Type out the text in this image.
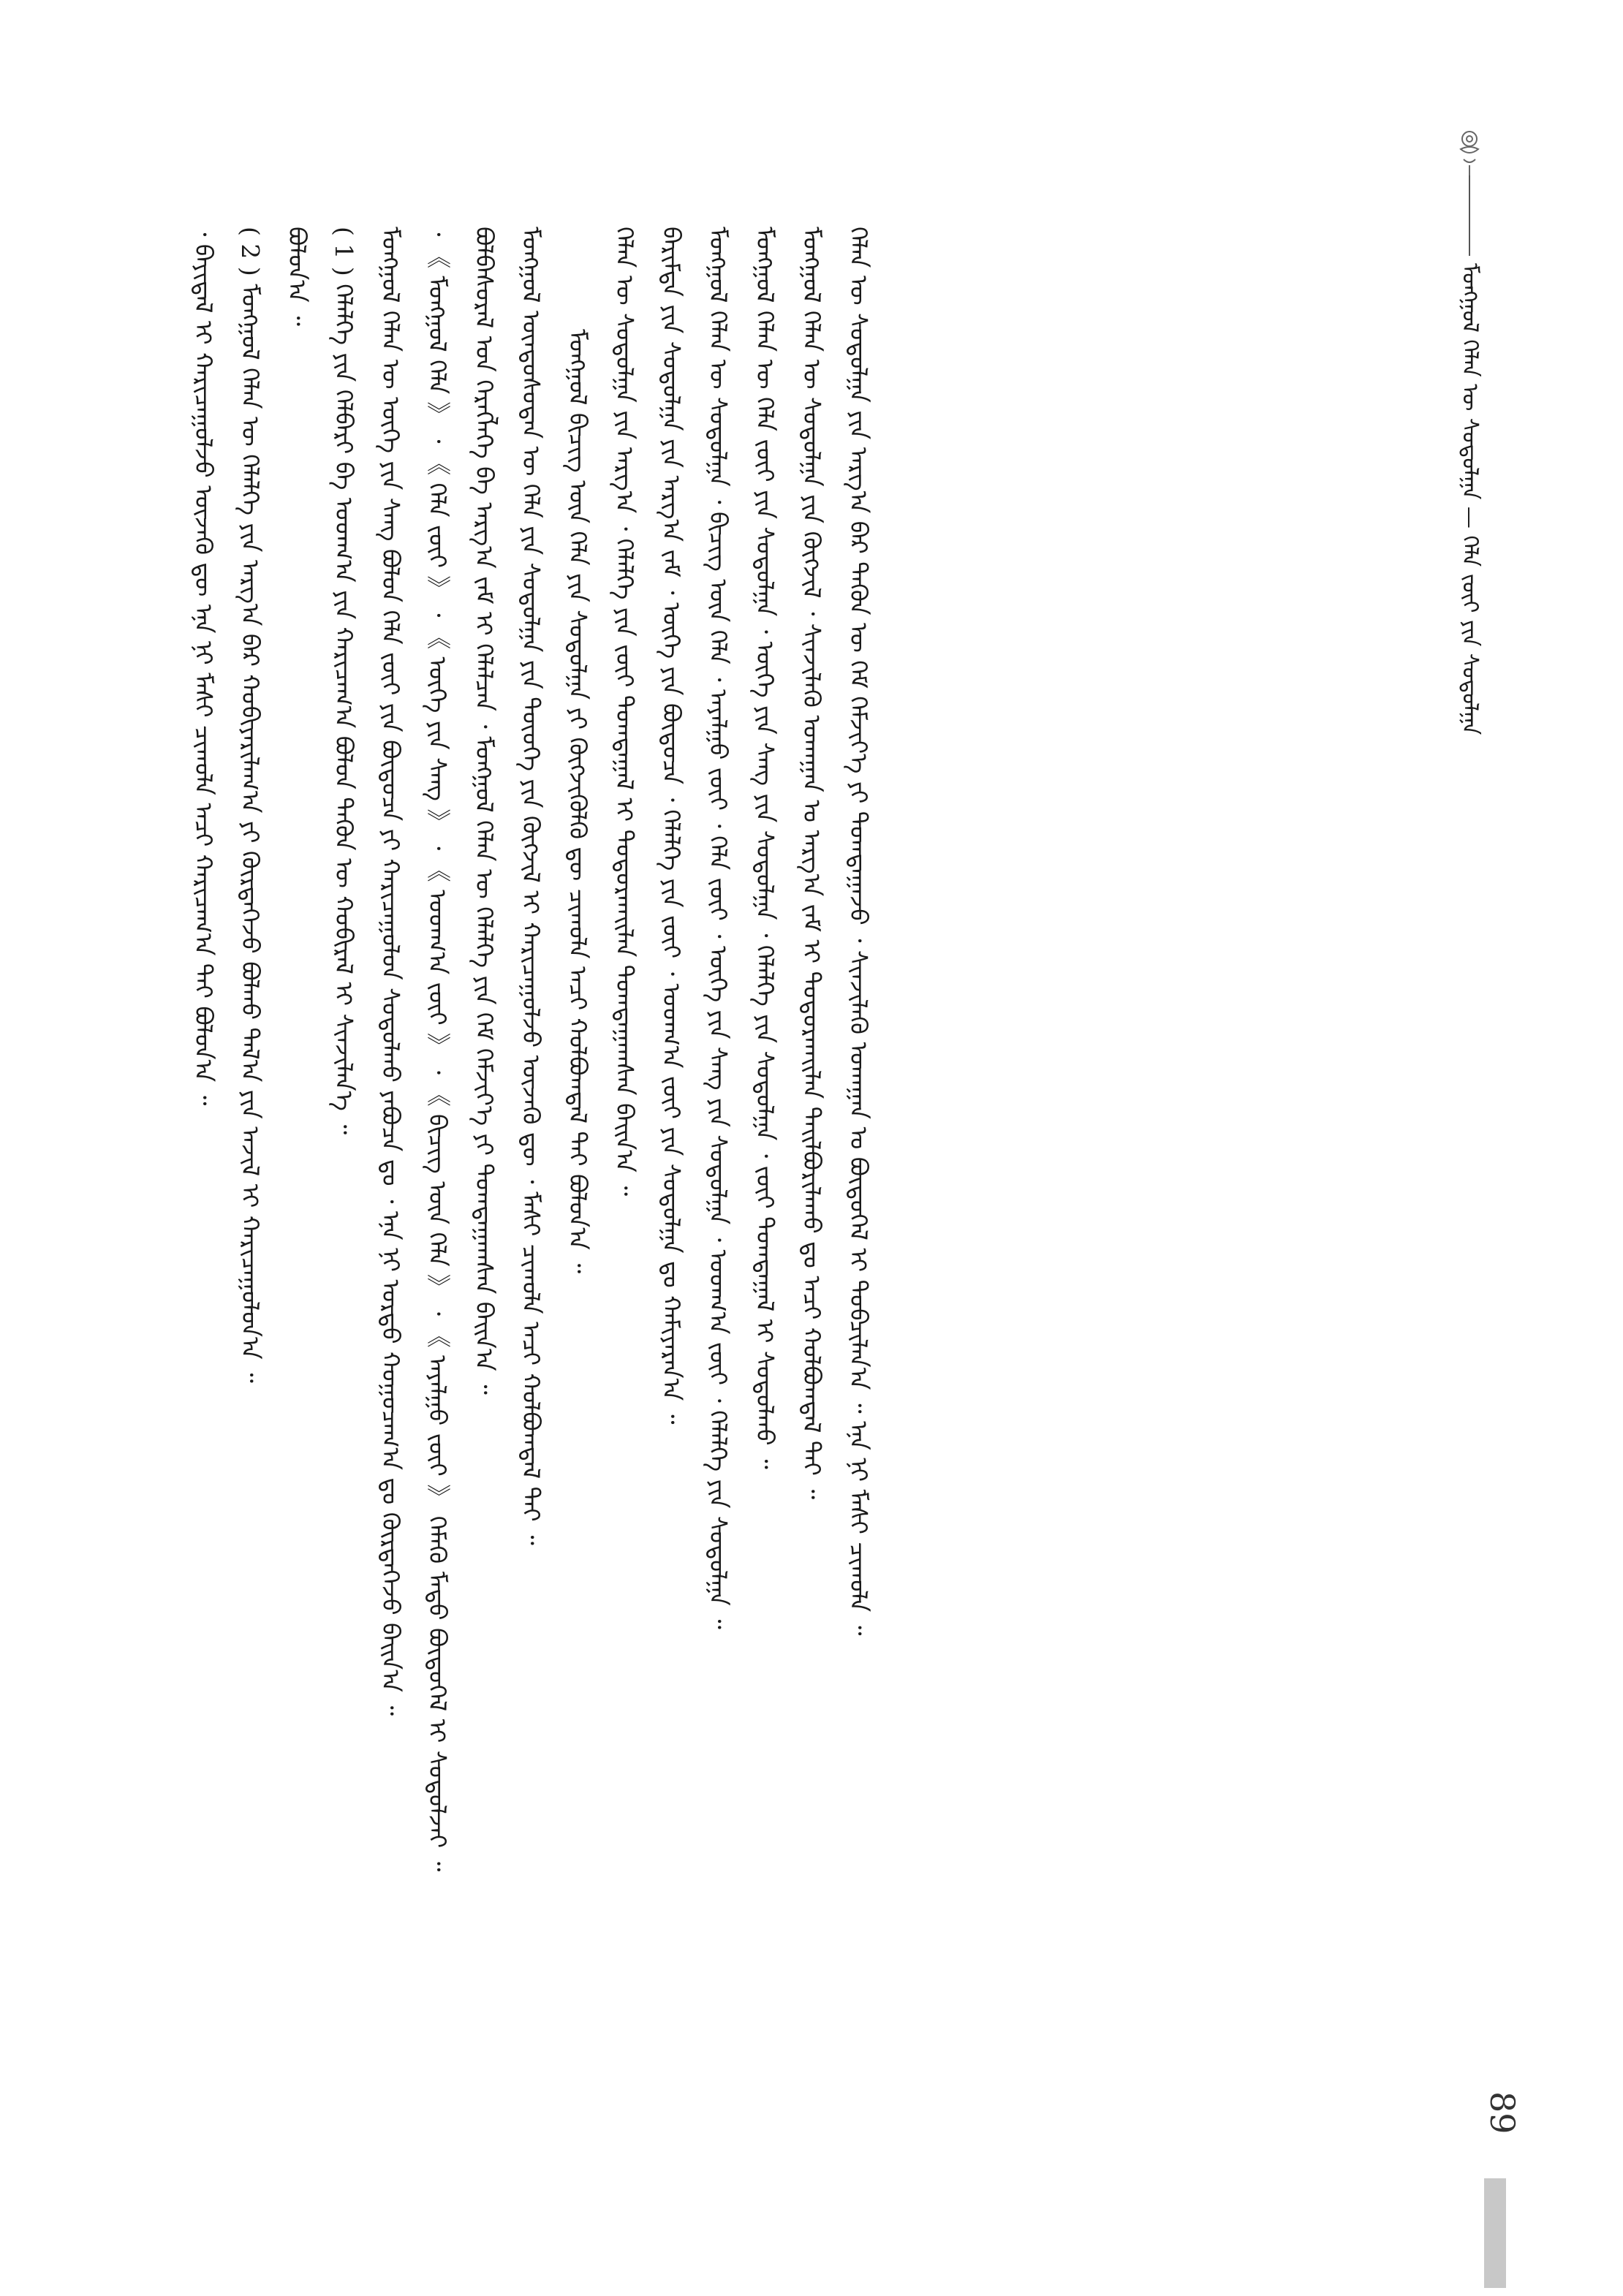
ᠮᠣᠩᠭᠣᠯ ᠬᠡᠯᠡᠨ ᠦ ᠰᠤᠳᠤᠯᠭᠠ — ᠬᠡᠯᠡ ᠵᠦᠢ ᠶᠢᠨ ᠰᠤᠳᠤᠯᠭᠠ
᠂ ᠪᠠᠶᠢᠳᠠᠯ ᠢ ᠬᠠᠷᠢᠴᠠᠭᠤᠯᠵᠤ ᠦᠵᠡᠬᠦ ᠳᠦ ᠡᠨᠡ ᠨᠢ ᠮᠠᠰᠢ ᠴᠢᠬᠤᠯᠠ ᠠᠴᠢ ᠬᠠᠷᠢᠴᠠᠭ᠎ᠠ ᠲᠠᠢ ᠪᠣᠯᠤᠨ᠎ᠠ ᠃ ( 2 ) ᠮᠣᠩᠭᠣᠯ ᠬᠡᠯᠡᠨ ᠦ ᠬᠡᠯᠡᠯᠭᠡ ᠶᠢᠨ ᠠᠷᠭ᠎ᠠ ᠪᠠᠷ ᠬᠤᠪᠢᠶᠠᠷᠢᠯᠠᠭ᠎ᠠ ᠶᠢ ᠬᠦᠷᠲᠡᠭᠡᠵᠦ ᠪᠣᠯᠬᠤ ᠲᠠᠯ᠎ᠠ ᠶᠢᠨ ᠠᠵᠢᠯ ᠢ ᠬᠠᠷᠢᠴᠠᠭᠤᠯᠤᠨ᠎ᠠ ᠃ ᠪᠣᠯᠤᠨ᠎ᠠ ᠃ ( 1 ) ᠬᠡᠯᠡᠯᠭᠡ ᠶᠢᠨ ᠬᠡᠯᠪᠡᠷᠢ ᠪᠠ ᠤᠳᠬ᠎ᠠ ᠶᠢᠨ ᠬᠠᠷᠢᠴᠠᠭ᠎ᠠ ᠪᠣᠯᠤᠨ ᠲᠡᠭᠦᠨ ᠦ ᠬᠤᠪᠢᠷᠠᠯ ᠢ ᠰᠢᠨᠵᠢᠯᠡᠨ᠎ᠡ ᠃ ᠮᠣᠩᠭᠣᠯ ᠬᠡᠯᠡᠨ ᠦ ᠦᠭᠡ ᠶᠢᠨ ᠰᠠᠩ ᠪᠣᠯᠤᠨ ᠬᠡᠯᠡ ᠵᠦᠢ ᠶᠢᠨ ᠪᠦᠲᠦᠴᠡ ᠶᠢ ᠬᠠᠷᠢᠴᠠᠭᠤᠯᠤᠨ ᠰᠤᠳᠤᠯᠬᠤ ᠶᠠᠪᠤᠴᠠ ᠳᠤ ᠂ ᠡᠨᠡ ᠨᠢ ᠤᠷᠲᠤ ᠬᠤᠭᠤᠴᠠᠭ᠎ᠠ ᠳᠤ ᠬᠦᠷᠲᠡᠭᠡᠵᠦ ᠪᠠᠢᠨ᠎ᠠ ᠃ ᠂ 《 ᠮᠣᠩᠭᠣᠯ ᠬᠡᠯᠡ 》 ᠂ 《 ᠬᠡᠯᠡ ᠵᠦᠢ 》 ᠂ 《 ᠦᠭᠡ ᠶᠢᠨ ᠰᠠᠩ 》 ᠂ 《 ᠤᠳᠬ᠎ᠠ ᠵᠦᠢ 》 ᠂ 《 ᠪᠢᠴᠢᠭ ᠦᠨ ᠬᠡᠯᠡ 》 ᠂ 《 ᠠᠶᠠᠯᠭᠤ ᠵᠦᠢ 》 ᠬᠡᠮᠡᠬᠦ ᠮᠡᠲᠦ ᠪᠦᠲᠦᠭᠡᠯ ᠢ ᠰᠤᠳᠤᠯᠵᠠᠢ ᠃ ᠪᠣᠯᠪᠠᠰᠤᠷᠠᠯ ᠤᠨ ᠬᠡᠷᠡᠭᠯᠡᠭᠡ ᠪᠠ ᠠᠷᠭ᠎ᠠ ᠵᠠᠮ ᠢ ᠬᠡᠯᠡᠯᠴᠡᠨ ᠂ ᠮᠣᠩᠭᠣᠯ ᠬᠡᠯᠡᠨ ᠦ ᠬᠡᠯᠡᠯᠭᠡ ᠶᠢᠨ ᠬᠡᠮ ᠬᠡᠮᠵᠢᠶ᠎ᠡ ᠶᠢ ᠲᠣᠭᠲᠠᠭᠠᠭᠰᠠᠨ ᠪᠠᠢᠨ᠎ᠠ ᠃ ᠮᠣᠩᠭᠣᠯ ᠦᠨᠳᠦᠰᠦᠲᠡᠨ ᠦ ᠬᠡᠯᠡ ᠶᠢᠨ ᠰᠤᠳᠤᠯᠭᠠ ᠶᠢᠨ ᠲᠦᠦᠬᠡ ᠶᠢᠨ ᠬᠥᠭᠵᠢᠯ ᠢ ᠬᠠᠷᠢᠴᠠᠭᠤᠯᠵᠤ ᠦᠵᠡᠬᠦ ᠳᠦ ᠂ ᠮᠠᠰᠢ ᠴᠢᠬᠤᠯᠠ ᠠᠴᠢ ᠬᠤᠯᠪᠤᠭᠳᠠᠯ ᠲᠠᠢ ᠃ ᠮᠣᠩᠭᠣᠯ ᠪᠢᠴᠢᠭ ᠦᠨ ᠬᠡᠯᠡ ᠶᠢᠨ ᠰᠤᠳᠤᠯᠭᠠ ᠶᠢ ᠬᠥᠭᠵᠢᠭᠦᠯᠬᠦ ᠳᠦ ᠴᠢᠬᠤᠯᠠ ᠠᠴᠢ ᠬᠣᠯᠪᠣᠭᠳᠠᠯ ᠲᠠᠢ ᠪᠣᠯᠤᠨ᠎ᠠ ᠃ ᠬᠡᠯᠡᠨ ᠦ ᠰᠤᠳᠤᠯᠭᠠ ᠶᠢᠨ ᠠᠷᠭ᠎ᠠ ᠂ ᠬᠡᠯᠡᠯᠭᠡ ᠶᠢᠨ ᠵᠦᠢ ᠲᠣᠭᠲᠠᠭᠠᠯ ᠢ ᠲᠣᠳᠤᠷᠬᠠᠢᠯᠠᠨ ᠲᠣᠭᠲᠠᠭᠠᠭᠰᠠᠨ ᠪᠠᠢᠨ᠎ᠠ ᠃ ᠪᠠᠷᠢᠮᠲᠠ ᠶᠢᠨ ᠰᠤᠳᠤᠯᠭᠠ ᠶᠢᠨ ᠠᠷᠭ᠎ᠠ ᠵᠠᠮ ᠂ ᠦᠭᠡ ᠶᠢᠨ ᠪᠦᠲᠦᠴᠡ ᠂ ᠬᠡᠯᠡᠯᠭᠡ ᠶᠢᠨ ᠵᠦᠢ ᠂ ᠤᠳᠬ᠎ᠠ ᠵᠦᠢ ᠶᠢᠨ ᠰᠤᠳᠤᠯᠭᠠ ᠳᠤ ᠬᠠᠮᠢᠶᠠᠷᠠᠨ᠎ᠠ ᠃ ᠮᠣᠩᠭᠣᠯ ᠬᠡᠯᠡᠨ ᠦ ᠰᠤᠳᠤᠯᠭᠠ ᠂ ᠪᠢᠴᠢᠭ ᠦᠨ ᠬᠡᠯᠡ ᠂ ᠠᠶᠠᠯᠭᠤ ᠵᠦᠢ ᠂ ᠬᠡᠯᠡ ᠵᠦᠢ ᠂ ᠦᠭᠡ ᠶᠢᠨ ᠰᠠᠩ ᠶᠢᠨ ᠰᠤᠳᠤᠯᠭᠠ ᠂ ᠤᠳᠬ᠎ᠠ ᠵᠦᠢ ᠂ ᠬᠡᠯᠡᠯᠭᠡ ᠶᠢᠨ ᠰᠤᠳᠤᠯᠭᠠ ᠃ ᠮᠣᠩᠭᠣᠯ ᠬᠡᠯᠡᠨ ᠦ ᠬᠡᠯᠡ ᠵᠦᠢ ᠶᠢᠨ ᠰᠤᠳᠤᠯᠭᠠ ᠂ ᠦᠭᠡ ᠶᠢᠨ ᠰᠠᠩ ᠶᠢᠨ ᠰᠤᠳᠤᠯᠭᠠ ᠂ ᠬᠡᠯᠡᠯᠭᠡ ᠶᠢᠨ ᠰᠤᠳᠤᠯᠭᠠ ᠂ ᠵᠦᠢ ᠲᠣᠭᠲᠠᠭᠠᠯ ᠢ ᠰᠤᠳᠤᠯᠬᠤ ᠃ ᠮᠣᠩᠭᠣᠯ ᠬᠡᠯᠡᠨ ᠦ ᠰᠤᠳᠤᠯᠭᠠ ᠶᠢᠨ ᠬᠥᠭᠵᠢᠯ ᠂ ᠰᠢᠨᠵᠢᠯᠡᠬᠦ ᠤᠬᠠᠭᠠᠨ ᠤ ᠠᠷᠭ᠎ᠠ ᠵᠠᠮ ᠢ ᠲᠣᠳᠤᠷᠬᠠᠢᠯᠠᠨ ᠲᠠᠢᠯᠪᠤᠷᠢᠯᠠᠬᠤ ᠳᠤ ᠠᠴᠢ ᠬᠣᠯᠪᠣᠭᠳᠠᠯ ᠲᠠᠢ ᠃ ᠬᠡᠯᠡᠨ ᠦ ᠰᠤᠳᠤᠯᠭᠠ ᠶᠢᠨ ᠠᠷᠭ᠎ᠠ ᠪᠠᠷ ᠲᠡᠭᠦᠨ ᠦ ᠬᠡᠮ ᠬᠡᠮᠵᠢᠶ᠎ᠡ ᠶᠢ ᠲᠣᠭᠲᠠᠭᠠᠵᠤ ᠂ ᠰᠢᠨᠵᠢᠯᠡᠬᠦ ᠤᠬᠠᠭᠠᠨ ᠤ ᠪᠦᠲᠦᠭᠡᠯ ᠢ ᠲᠣᠪᠴᠢᠯᠠᠨ᠎ᠠ ᠃ ᠡᠨᠡ ᠨᠢ ᠮᠠᠰᠢ ᠴᠢᠬᠤᠯᠠ ᠃
89
